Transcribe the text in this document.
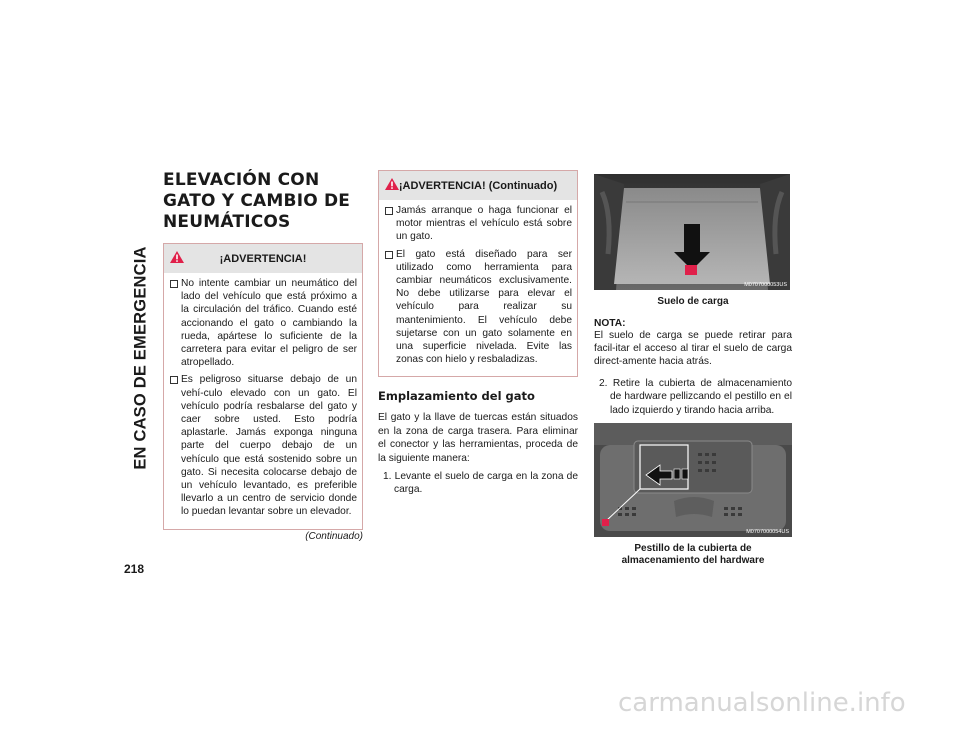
EN CASO DE EMERGENCIA
218
ELEVACIÓN CON GATO Y CAMBIO DE NEUMÁTICOS
¡ADVERTENCIA!

No intente cambiar un neumático del lado del vehículo que está próximo a la circulación del tráfico. Cuando esté accionando el gato o cambiando la rueda, apártese lo suficiente de la carretera para evitar el peligro de ser atropellado.

Es peligroso situarse debajo de un vehí-culo elevado con un gato. El vehículo podría resbalarse del gato y caer sobre usted. Esto podría aplastarle. Jamás exponga ninguna parte del cuerpo debajo de un vehículo que está sostenido sobre un gato. Si necesita colocarse debajo de un vehículo levantado, es preferible llevarlo a un centro de servicio donde lo puedan levantar sobre un elevador.

(Continuado)
¡ADVERTENCIA! (Continuado)

Jamás arranque o haga funcionar el motor mientras el vehículo está sobre un gato.

El gato está diseñado para ser utilizado como herramienta para cambiar neumáticos exclusivamente. No debe utilizarse para elevar el vehículo para realizar su mantenimiento. El vehículo debe sujetarse con un gato solamente en una superficie nivelada. Evite las zonas con hielo y resbaladizas.

Emplazamiento del gato

El gato y la llave de tuercas están situados en la zona de carga trasera. Para eliminar el conector y las herramientas, proceda de la siguiente manera:

1. Levante el suelo de carga en la zona de carga.

M0707000053US
Suelo de carga
NOTA:

El suelo de carga se puede retirar para facil-itar el acceso al tirar el suelo de carga direct-amente hacia atrás.

2. Retire la cubierta de almacenamiento de hardware pellizcando el pestillo en el lado izquierdo y tirando hacia arriba.

M0707000054US
Pestillo de la cubierta de almacenamiento del hardware
carmanualsonline.info
